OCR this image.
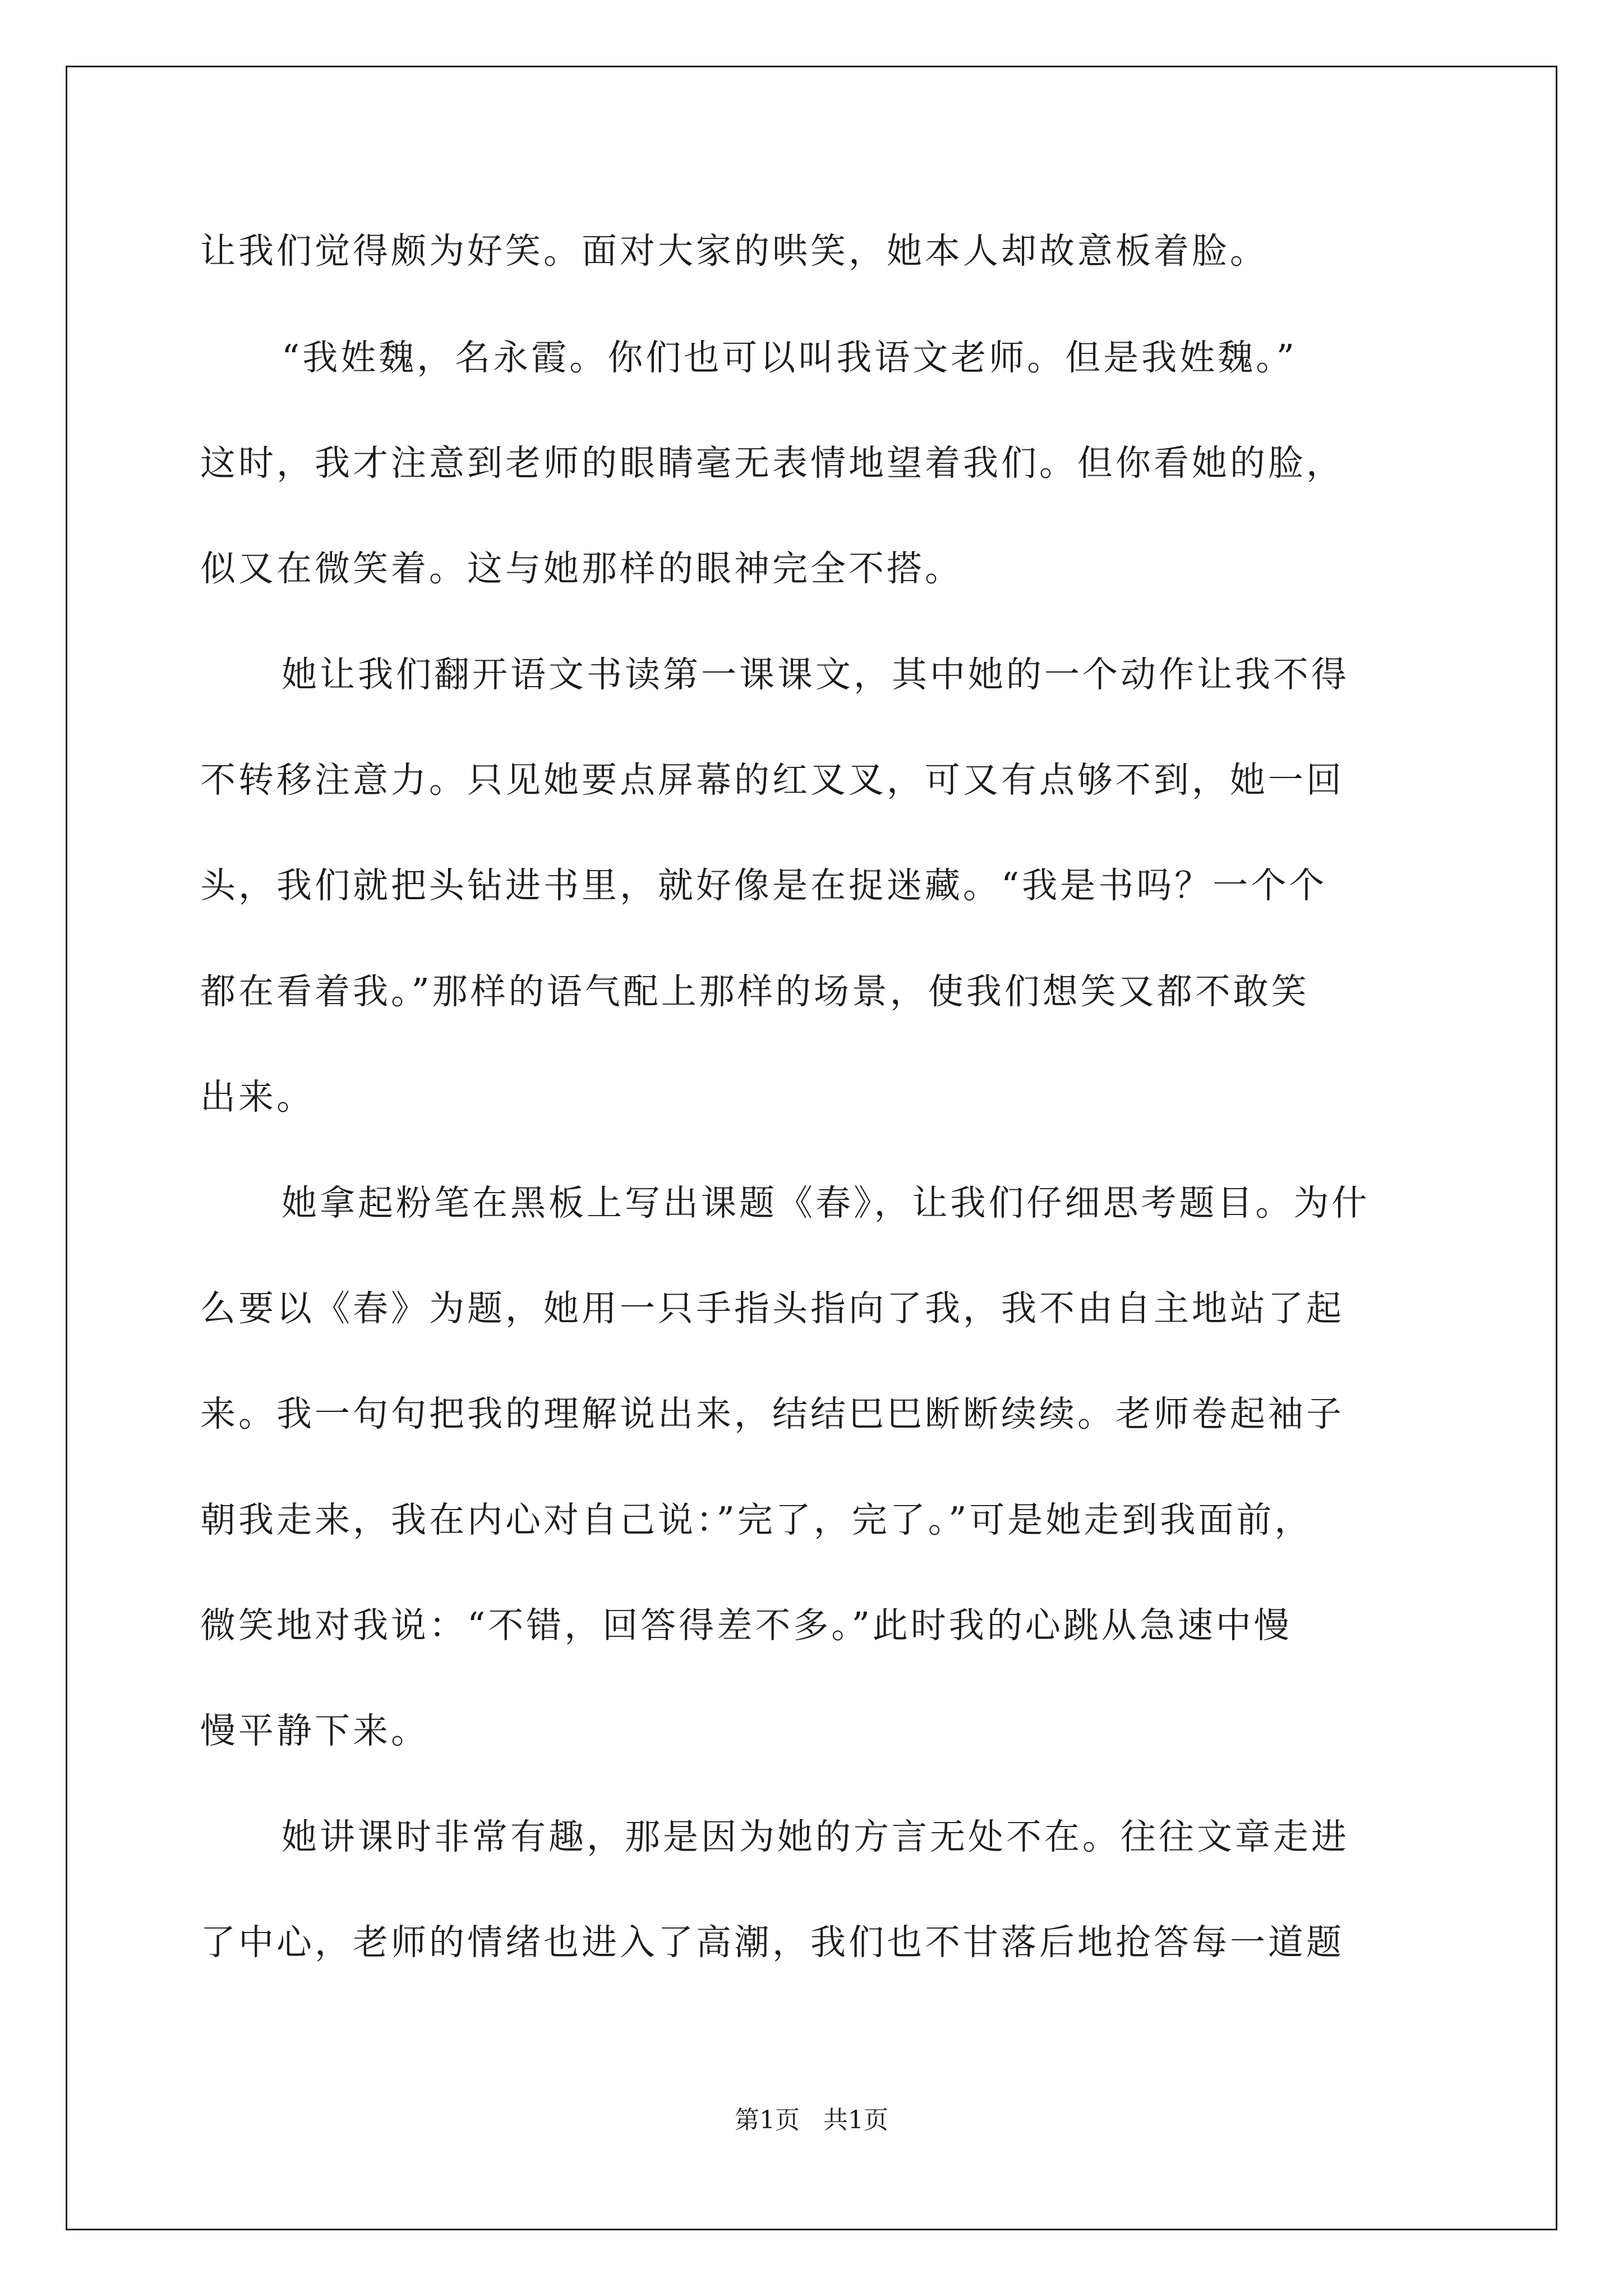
让我们觉得颇为好笑。面对大家的哄笑，她本人却故意板着脸。
“我姓魏，名永霞。你们也可以叫我语文老师。但是我姓魏。”
这时，我才注意到老师的眼睛毫无表情地望着我们。但你看她的脸，
似又在微笑着。这与她那样的眼神完全不搭。
她让我们翻开语文书读第一课课文，其中她的一个动作让我不得
不转移注意力。只见她要点屏幕的红叉叉，可又有点够不到，她一回
头，我们就把头钻进书里，就好像是在捉迷藏。“我是书吗？一个个
都在看着我。”那样的语气配上那样的场景，使我们想笑又都不敢笑
出来。
她拿起粉笔在黑板上写出课题《春》，让我们仔细思考题目。为什
么要以《春》为题，她用一只手指头指向了我，我不由自主地站了起
来。我一句句把我的理解说出来，结结巴巴断断续续。老师卷起袖子
朝我走来，我在内心对自己说：”完了，完了。”可是她走到我面前，
微笑地对我说：“不错，回答得差不多。”此时我的心跳从急速中慢
慢平静下来。
她讲课时非常有趣，那是因为她的方言无处不在。往往文章走进
了中心，老师的情绪也进入了高潮，我们也不甘落后地抢答每一道题
第1页   共1页
